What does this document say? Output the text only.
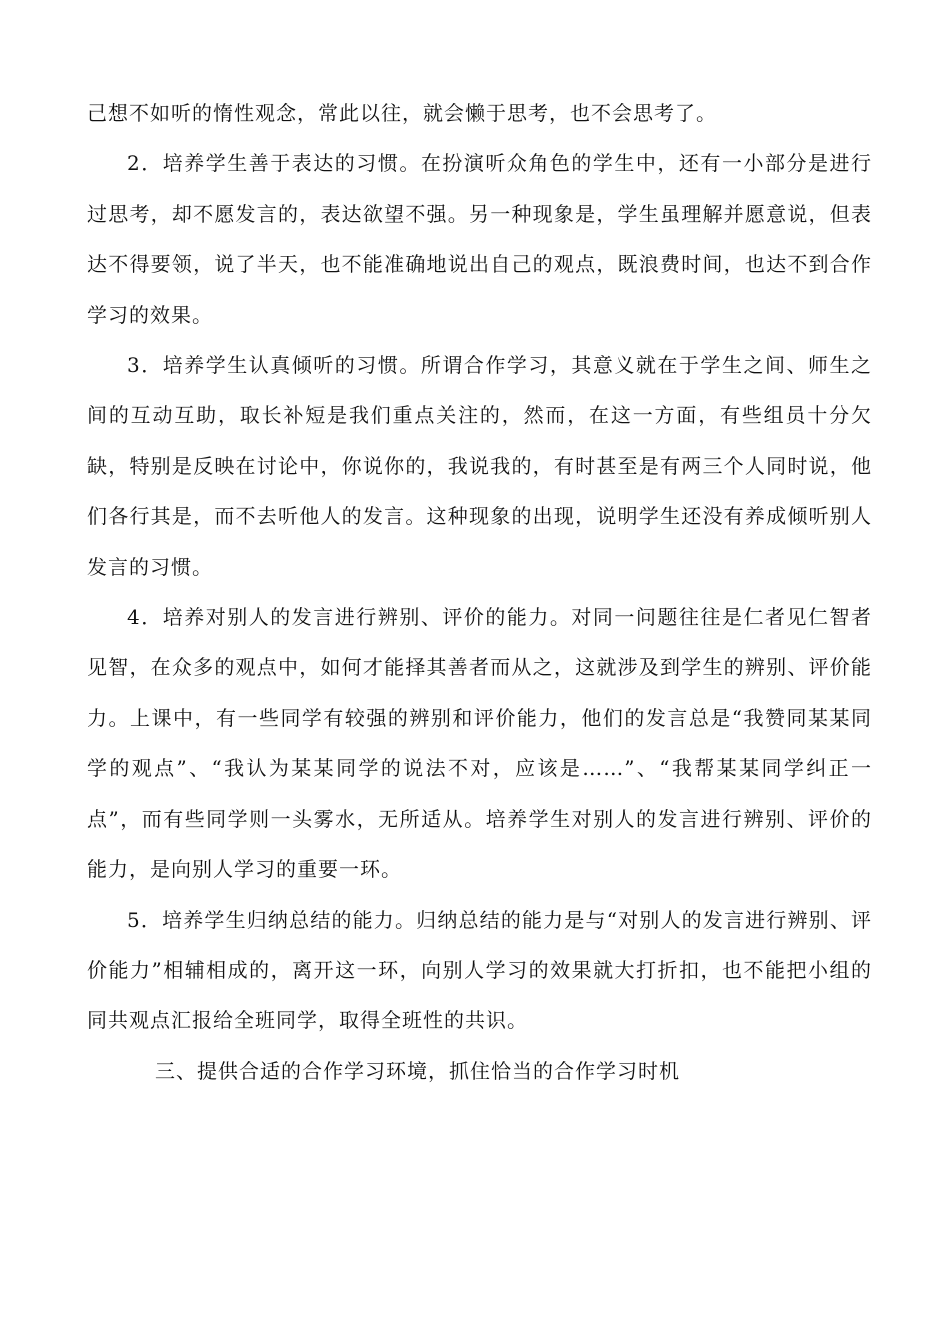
己想不如听的惰性观念，常此以往，就会懒于思考，也不会思考了。

2．培养学生善于表达的习惯。在扮演听众角色的学生中，还有一小部分是进行过思考，却不愿发言的，表达欲望不强。另一种现象是，学生虽理解并愿意说，但表达不得要领，说了半天，也不能准确地说出自己的观点，既浪费时间，也达不到合作学习的效果。

3．培养学生认真倾听的习惯。所谓合作学习，其意义就在于学生之间、师生之间的互动互助，取长补短是我们重点关注的，然而，在这一方面，有些组员十分欠缺，特别是反映在讨论中，你说你的，我说我的，有时甚至是有两三个人同时说，他们各行其是，而不去听他人的发言。这种现象的出现，说明学生还没有养成倾听别人发言的习惯。

4．培养对别人的发言进行辨别、评价的能力。对同一问题往往是仁者见仁智者见智，在众多的观点中，如何才能择其善者而从之，这就涉及到学生的辨别、评价能力。上课中，有一些同学有较强的辨别和评价能力，他们的发言总是“我赞同某某同学的观点”、“我认为某某同学的说法不对，应该是……”、“我帮某某同学纠正一点”，而有些同学则一头雾水，无所适从。培养学生对别人的发言进行辨别、评价的能力，是向别人学习的重要一环。

5．培养学生归纳总结的能力。归纳总结的能力是与“对别人的发言进行辨别、评价能力”相辅相成的，离开这一环，向别人学习的效果就大打折扣，也不能把小组的同共观点汇报给全班同学，取得全班性的共识。

三、提供合适的合作学习环境，抓住恰当的合作学习时机
